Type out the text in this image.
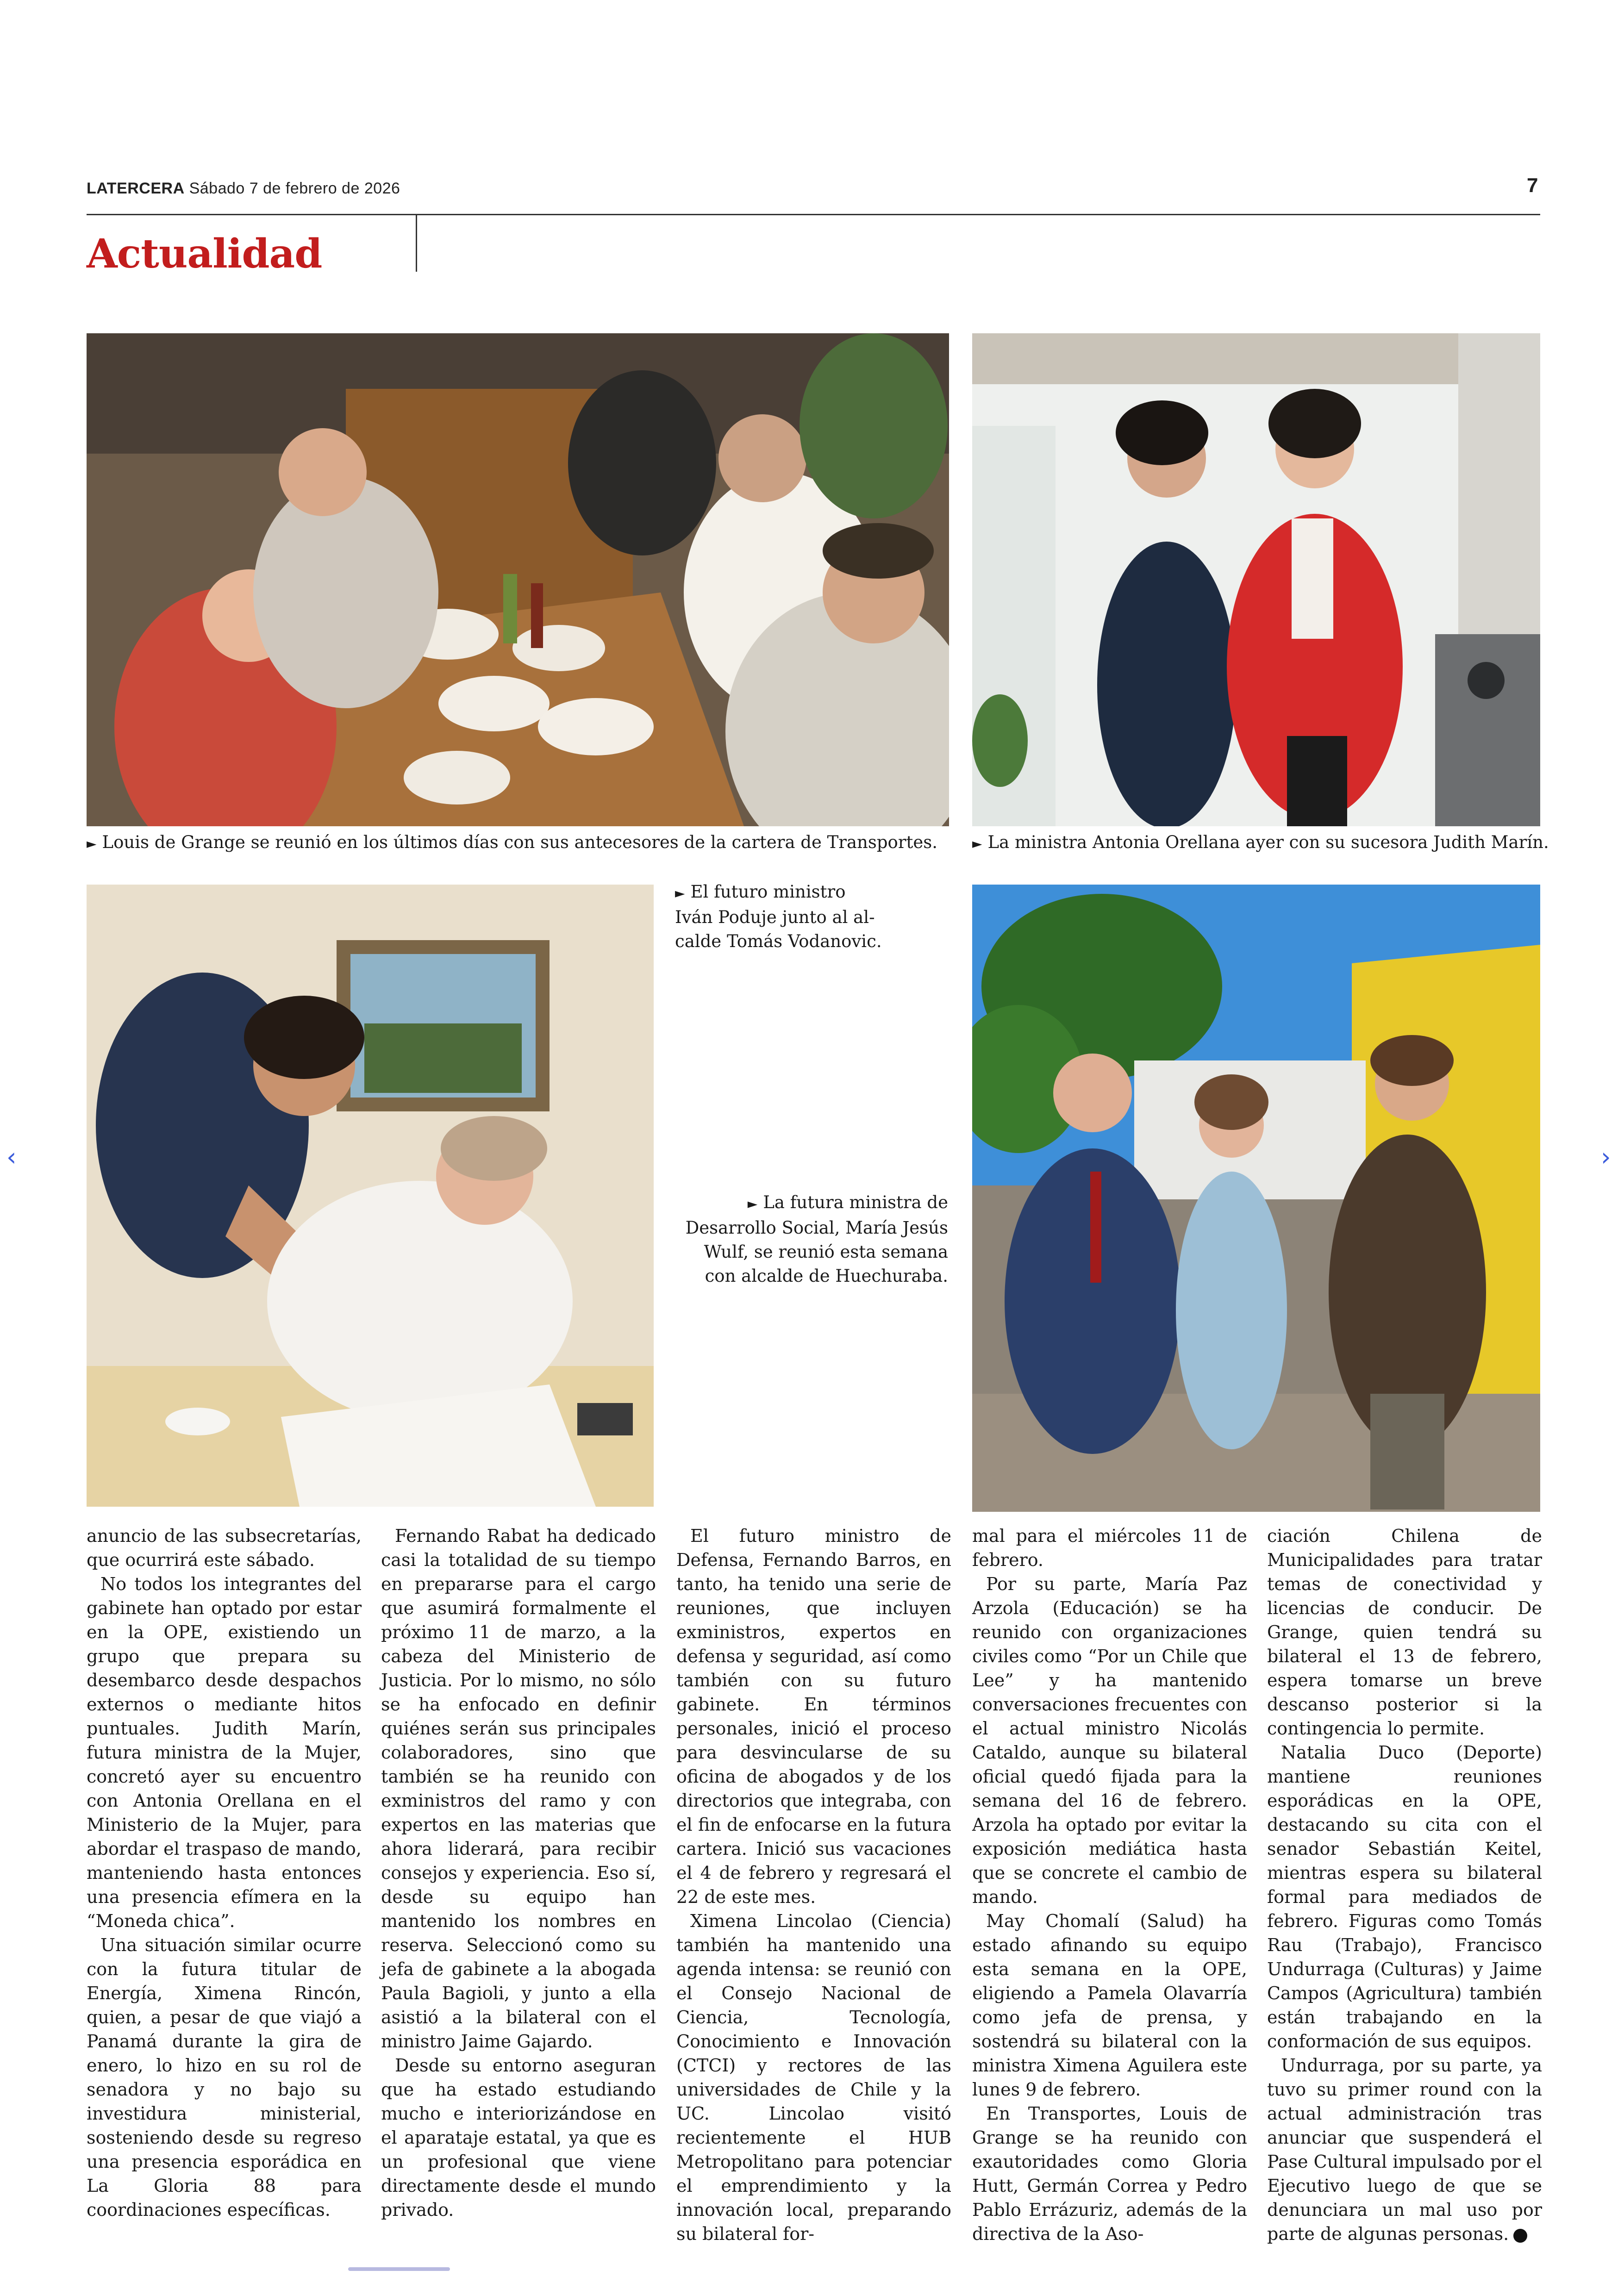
LATERCERA Sábado 7 de febrero de 2026	7
Actualidad
► Louis de Grange se reunió en los últimos días con sus antecesores de la cartera de Transportes.	► La ministra Antonia Orellana ayer con su sucesora Judith Marín.
► El futuro ministro
Iván Poduje junto al al-
calde Tomás Vodanovic.
► La futura ministra de
Desarrollo Social, María Jesús
Wulf, se reunió esta semana
con alcalde de Huechuraba.

anuncio de las subsecretarías, que ocurrirá este sábado.

No todos los integrantes del gabinete han optado por estar en la OPE, existiendo un grupo que prepara su desembarco desde despachos externos o mediante hitos puntuales. Judith Marín, futura ministra de la Mujer, concretó ayer su encuentro con Antonia Orellana en el Ministerio de la Mujer, para abordar el traspaso de mando, manteniendo hasta entonces una presencia efímera en la “Moneda chica”.

Una situación similar ocurre con la futura titular de Energía, Ximena Rincón, quien, a pesar de que viajó a Panamá durante la gira de enero, lo hizo en su rol de senadora y no bajo su investidura ministerial, sosteniendo desde su regreso una presencia esporádica en La Gloria 88 para coordinaciones específicas.

Fernando Rabat ha dedicado casi la totalidad de su tiempo en prepararse para el cargo que asumirá formalmente el próximo 11 de marzo, a la cabeza del Ministerio de Justicia. Por lo mismo, no sólo se ha enfocado en definir quiénes serán sus principales colaboradores, sino que también se ha reunido con exministros del ramo y con expertos en las materias que ahora liderará, para recibir consejos y experiencia. Eso sí, desde su equipo han mantenido los nombres en reserva. Seleccionó como su jefa de gabinete a la abogada Paula Bagioli, y junto a ella asistió a la bilateral con el ministro Jaime Gajardo.

Desde su entorno aseguran que ha estado estudiando mucho e interiorizándose en el aparataje estatal, ya que es un profesional que viene directamente desde el mundo privado.

El futuro ministro de Defensa, Fernando Barros, en tanto, ha tenido una serie de reuniones, que incluyen exministros, expertos en defensa y seguridad, así como también con su futuro gabinete. En términos personales, inició el proceso para desvincularse de su oficina de abogados y de los directorios que integraba, con el fin de enfocarse en la futura cartera. Inició sus vacaciones el 4 de febrero y regresará el 22 de este mes.

Ximena Lincolao (Ciencia) también ha mantenido una agenda intensa: se reunió con el Consejo Nacional de Ciencia, Tecnología, Conocimiento e Innovación (CTCI) y rectores de las universidades de Chile y la UC. Lincolao visitó recientemente el HUB Metropolitano para potenciar el emprendimiento y la innovación local, preparando su bilateral for-

mal para el miércoles 11 de febrero.

Por su parte, María Paz Arzola (Educación) se ha reunido con organizaciones civiles como “Por un Chile que Lee” y ha mantenido conversaciones frecuentes con el actual ministro Nicolás Cataldo, aunque su bilateral oficial quedó fijada para la semana del 16 de febrero. Arzola ha optado por evitar la exposición mediática hasta que se concrete el cambio de mando.

May Chomalí (Salud) ha estado afinando su equipo esta semana en la OPE, eligiendo a Pamela Olavarría como jefa de prensa, y sostendrá su bilateral con la ministra Ximena Aguilera este lunes 9 de febrero.

En Transportes, Louis de Grange se ha reunido con exautoridades como Gloria Hutt, Germán Correa y Pedro Pablo Errázuriz, además de la directiva de la Aso-

ciación Chilena de Municipalidades para tratar temas de conectividad y licencias de conducir. De Grange, quien tendrá su bilateral el 13 de febrero, espera tomarse un breve descanso posterior si la contingencia lo permite.

Natalia Duco (Deporte) mantiene reuniones esporádicas en la OPE, destacando su cita con el senador Sebastián Keitel, mientras espera su bilateral formal para mediados de febrero. Figuras como Tomás Rau (Trabajo), Francisco Undurraga (Culturas) y Jaime Campos (Agricultura) también están trabajando en la conformación de sus equipos.

Undurraga, por su parte, ya tuvo su primer round con la actual administración tras anunciar que suspenderá el Pase Cultural impulsado por el Ejecutivo luego de que se denunciara un mal uso por parte de algunas personas.

‹	›
